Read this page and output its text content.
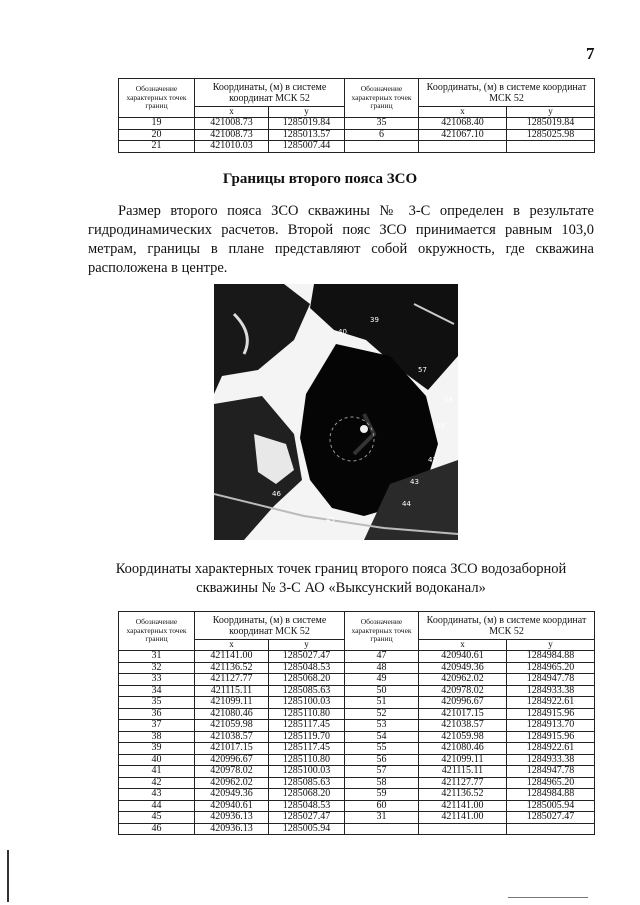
7
Обозначение характерных точек границ	Координаты, (м) в системе координат МСК 52		Обозначение характерных точек границ	Координаты, (м) в системе координат МСК 52	
	x	y		x	y
19	421008.73	1285019.84	35	421068.40	1285019.84
20	421008.73	1285013.57	6	421067.10	1285025.98
21	421010.03	1285007.44			
Границы второго пояса ЗСО

Размер второго пояса ЗСО скважины № 3-С определен в результате гидродинамических расчетов. Второй пояс ЗСО принимается равным 103,0 метрам, границы в плане представляют собой окружность, где скважина расположена в центре.

39
40
57
58
59
42
43
44
45
46
Координаты характерных точек границ второго пояса ЗСО водозаборной скважины № 3-С АО «Выксунский водоканал»
Обозначение характерных точек границ	Координаты, (м) в системе координат МСК 52		Обозначение характерных точек границ	Координаты, (м) в системе координат МСК 52	
	x	y		x	y
31	421141.00	1285027.47	47	420940.61	1284984.88
32	421136.52	1285048.53	48	420949.36	1284965.20
33	421127.77	1285068.20	49	420962.02	1284947.78
34	421115.11	1285085.63	50	420978.02	1284933.38
35	421099.11	1285100.03	51	420996.67	1284922.61
36	421080.46	1285110.80	52	421017.15	1284915.96
37	421059.98	1285117.45	53	421038.57	1284913.70
38	421038.57	1285119.70	54	421059.98	1284915.96
39	421017.15	1285117.45	55	421080.46	1284922.61
40	420996.67	1285110.80	56	421099.11	1284933.38
41	420978.02	1285100.03	57	421115.11	1284947.78
42	420962.02	1285085.63	58	421127.77	1284965.20
43	420949.36	1285068.20	59	421136.52	1284984.88
44	420940.61	1285048.53	60	421141.00	1285005.94
45	420936.13	1285027.47	31	421141.00	1285027.47
46	420936.13	1285005.94			
